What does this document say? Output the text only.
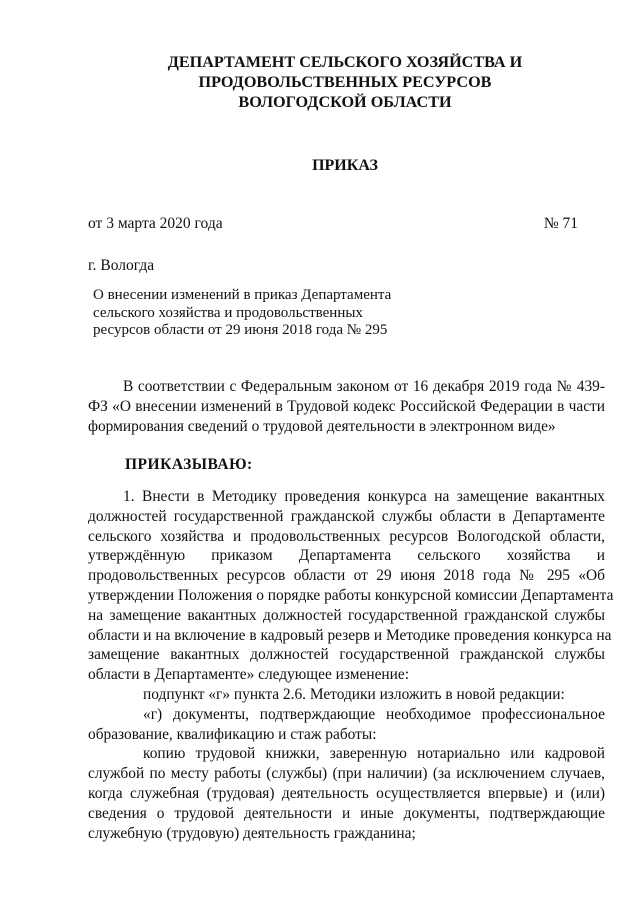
ДЕПАРТАМЕНТ СЕЛЬСКОГО ХОЗЯЙСТВА И
ПРОДОВОЛЬСТВЕННЫХ РЕСУРСОВ
ВОЛОГОДСКОЙ ОБЛАСТИ
ПРИКАЗ
от 3 марта 2020 года	№ 71
г. Вологда
О внесении изменений в приказ Департамента
сельского хозяйства и продовольственных
ресурсов области от 29 июня 2018 года № 295
В соответствии с Федеральным законом от 16 декабря 2019 года № 439-
ФЗ «О внесении изменений в Трудовой кодекс Российской Федерации в части
формирования сведений о трудовой деятельности в электронном виде»
ПРИКАЗЫВАЮ:
1. Внести в Методику проведения конкурса на замещение вакантных
должностей государственной гражданской службы области в Департаменте
сельского хозяйства и продовольственных ресурсов Вологодской области,
утверждённую приказом Департамента сельского хозяйства и
продовольственных ресурсов области от 29 июня 2018 года № 295 «Об
утверждении Положения о порядке работы конкурсной комиссии Департамента
на замещение вакантных должностей государственной гражданской службы
области и на включение в кадровый резерв и Методике проведения конкурса на
замещение вакантных должностей государственной гражданской службы
области в Департаменте» следующее изменение:
подпункт «г» пункта 2.6. Методики изложить в новой редакции:
«г) документы, подтверждающие необходимое профессиональное
образование, квалификацию и стаж работы:
копию трудовой книжки, заверенную нотариально или кадровой
службой по месту работы (службы) (при наличии) (за исключением случаев,
когда служебная (трудовая) деятельность осуществляется впервые) и (или)
сведения о трудовой деятельности и иные документы, подтверждающие
служебную (трудовую) деятельность гражданина;
